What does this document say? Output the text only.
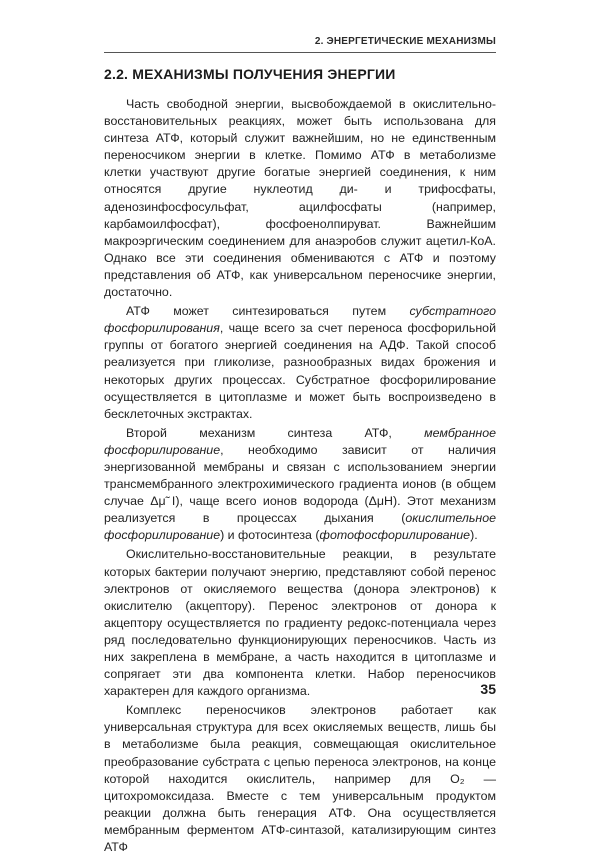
2. ЭНЕРГЕТИЧЕСКИЕ МЕХАНИЗМЫ
2.2. МЕХАНИЗМЫ ПОЛУЧЕНИЯ ЭНЕРГИИ

Часть свободной энергии, высвобождаемой в окислительно-восстановительных реакциях, может быть использована для синтеза АТФ, который служит важнейшим, но не единственным переносчиком энергии в клетке. Помимо АТФ в метаболизме клетки участвуют другие богатые энергией соединения, к ним относятся другие нуклеотид ди- и трифосфаты, аденозинфосфосульфат, ацилфосфаты (например, карбамоилфосфат), фосфоенолпируват. Важнейшим макроэргическим соединением для анаэробов служит ацетил-КоА. Однако все эти соединения обмениваются с АТФ и поэтому представления об АТФ, как универсальном переносчике энергии, достаточно.

АТФ может синтезироваться путем субстратного фосфорилирования, чаще всего за счет переноса фосфорильной группы от богатого энергией соединения на АДФ. Такой способ реализуется при гликолизе, разнообразных видах брожения и некоторых других процессах. Субстратное фосфорилирование осуществляется в цитоплазме и может быть воспроизведено в бесклеточных экстрактах.

Второй механизм синтеза АТФ, мембранное фосфорилирование, необходимо зависит от наличия энергизованной мембраны и связан с использованием энергии трансмембранного электрохимического градиента ионов (в общем случае Δμ̃ I), чаще всего ионов водорода (ΔμH). Этот механизм реализуется в процессах дыхания (окислительное фосфорилирование) и фотосинтеза (фотофосфорилирование).

Окислительно-восстановительные реакции, в результате которых бактерии получают энергию, представляют собой перенос электронов от окисляемого вещества (донора электронов) к окислителю (акцептору). Перенос электронов от донора к акцептору осуществляется по градиенту редокс-потенциала через ряд последовательно функционирующих переносчиков. Часть из них закреплена в мембране, а часть находится в цитоплазме и сопрягает эти два компонента клетки. Набор переносчиков характерен для каждого организма.

Комплекс переносчиков электронов работает как универсальная структура для всех окисляемых веществ, лишь бы в метаболизме была реакция, совмещающая окислительное преобразование субстрата с цепью переноса электронов, на конце которой находится окислитель, например для O₂ — цитохромоксидаза. Вместе с тем универсальным продуктом реакции должна быть генерация АТФ. Она осуществляется мембранным ферментом АТФ-синтазой, катализирующим синтез АТФ

35
